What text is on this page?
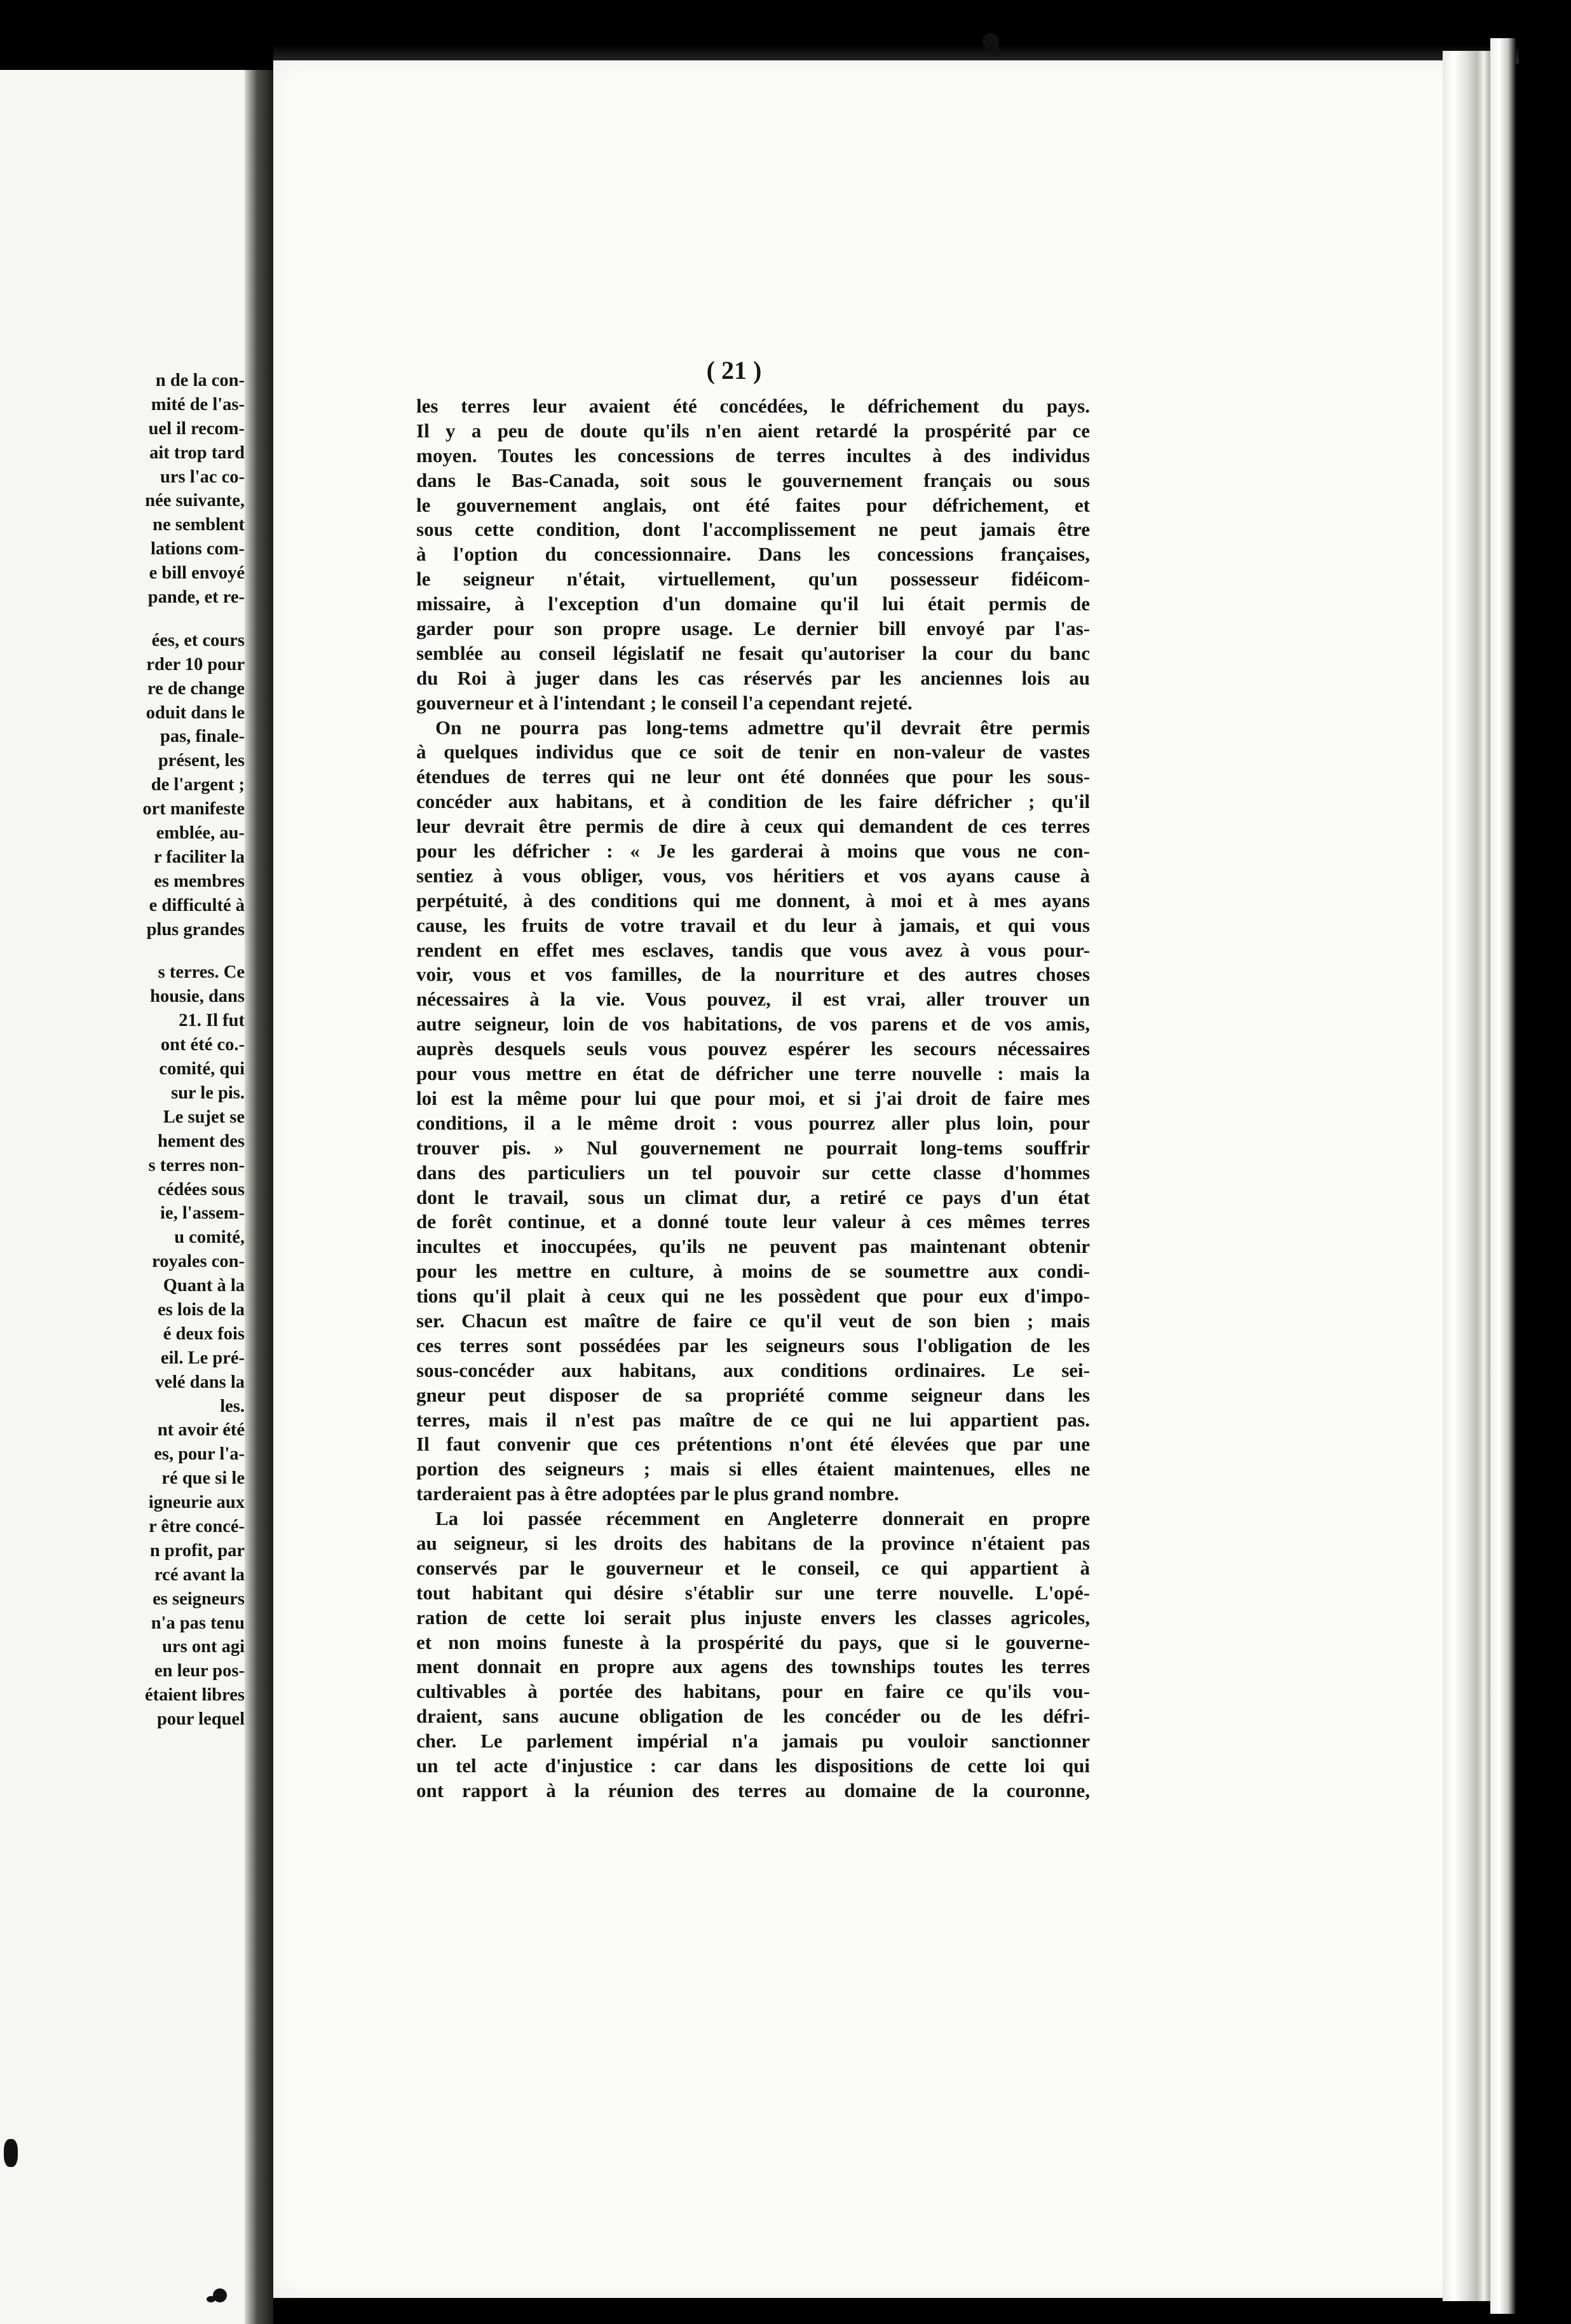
n de la con-
mité de l'as-
uel il recom-
ait trop tard
urs l'ac co-
née suivante,
ne semblent
lations com-
e bill envoyé
pande, et re-
ées, et cours
rder 10 pour
re de change
oduit dans le
pas, finale-
présent, les
de l'argent ;
ort manifeste
emblée, au-
r faciliter la
es membres
e difficulté à
plus grandes
s terres. Ce
housie, dans
21. Il fut
ont été co.-
comité, qui
sur le pis.
Le sujet se
hement des
s terres non-
cédées sous
ie, l'assem-
u comité,
royales con-
Quant à la
es lois de la
é deux fois
eil. Le pré-
velé dans la
les.
nt avoir été
es, pour l'a-
ré que si le
igneurie aux
r être concé-
n profit, par
rcé avant la
es seigneurs
n'a pas tenu
urs ont agi
en leur pos-
étaient libres
pour lequel
( 21 )
les terres leur avaient été concédées, le défrichement du pays.
Il y a peu de doute qu'ils n'en aient retardé la prospérité par ce
moyen. Toutes les concessions de terres incultes à des individus
dans le Bas-Canada, soit sous le gouvernement français ou sous
le gouvernement anglais, ont été faites pour défrichement, et
sous cette condition, dont l'accomplissement ne peut jamais être
à l'option du concessionnaire. Dans les concessions françaises,
le seigneur n'était, virtuellement, qu'un possesseur fidéicom-
missaire, à l'exception d'un domaine qu'il lui était permis de
garder pour son propre usage. Le dernier bill envoyé par l'as-
semblée au conseil législatif ne fesait qu'autoriser la cour du banc
du Roi à juger dans les cas réservés par les anciennes lois au
gouverneur et à l'intendant ; le conseil l'a cependant rejeté.
On ne pourra pas long-tems admettre qu'il devrait être permis
à quelques individus que ce soit de tenir en non-valeur de vastes
étendues de terres qui ne leur ont été données que pour les sous-
concéder aux habitans, et à condition de les faire défricher ; qu'il
leur devrait être permis de dire à ceux qui demandent de ces terres
pour les défricher : « Je les garderai à moins que vous ne con-
sentiez à vous obliger, vous, vos héritiers et vos ayans cause à
perpétuité, à des conditions qui me donnent, à moi et à mes ayans
cause, les fruits de votre travail et du leur à jamais, et qui vous
rendent en effet mes esclaves, tandis que vous avez à vous pour-
voir, vous et vos familles, de la nourriture et des autres choses
nécessaires à la vie. Vous pouvez, il est vrai, aller trouver un
autre seigneur, loin de vos habitations, de vos parens et de vos amis,
auprès desquels seuls vous pouvez espérer les secours nécessaires
pour vous mettre en état de défricher une terre nouvelle : mais la
loi est la même pour lui que pour moi, et si j'ai droit de faire mes
conditions, il a le même droit : vous pourrez aller plus loin, pour
trouver pis. » Nul gouvernement ne pourrait long-tems souffrir
dans des particuliers un tel pouvoir sur cette classe d'hommes
dont le travail, sous un climat dur, a retiré ce pays d'un état
de forêt continue, et a donné toute leur valeur à ces mêmes terres
incultes et inoccupées, qu'ils ne peuvent pas maintenant obtenir
pour les mettre en culture, à moins de se soumettre aux condi-
tions qu'il plait à ceux qui ne les possèdent que pour eux d'impo-
ser. Chacun est maître de faire ce qu'il veut de son bien ; mais
ces terres sont possédées par les seigneurs sous l'obligation de les
sous-concéder aux habitans, aux conditions ordinaires. Le sei-
gneur peut disposer de sa propriété comme seigneur dans les
terres, mais il n'est pas maître de ce qui ne lui appartient pas.
Il faut convenir que ces prétentions n'ont été élevées que par une
portion des seigneurs ; mais si elles étaient maintenues, elles ne
tarderaient pas à être adoptées par le plus grand nombre.
La loi passée récemment en Angleterre donnerait en propre
au seigneur, si les droits des habitans de la province n'étaient pas
conservés par le gouverneur et le conseil, ce qui appartient à
tout habitant qui désire s'établir sur une terre nouvelle. L'opé-
ration de cette loi serait plus injuste envers les classes agricoles,
et non moins funeste à la prospérité du pays, que si le gouverne-
ment donnait en propre aux agens des townships toutes les terres
cultivables à portée des habitans, pour en faire ce qu'ils vou-
draient, sans aucune obligation de les concéder ou de les défri-
cher. Le parlement impérial n'a jamais pu vouloir sanctionner
un tel acte d'injustice : car dans les dispositions de cette loi qui
ont rapport à la réunion des terres au domaine de la couronne,
